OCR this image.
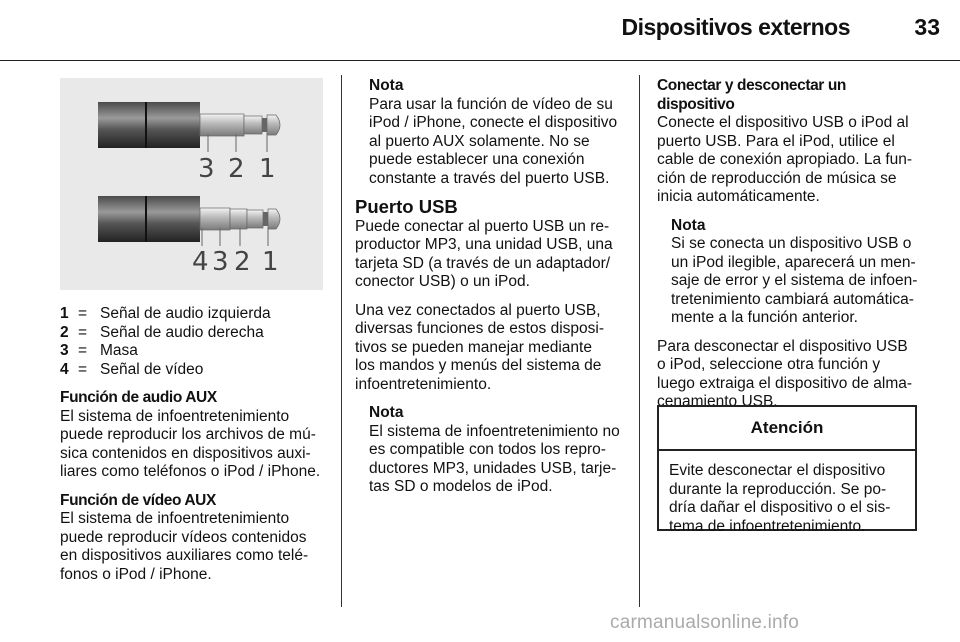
Dispositivos externos	33
3 2 1
4 3 2 1
1 = Señal de audio izquierda
2 = Señal de audio derecha
3 = Masa
4 = Señal de vídeo
Función de audio AUX

El sistema de infoentretenimiento
puede reproducir los archivos de mú-
sica contenidos en dispositivos auxi-
liares como teléfonos o iPod / iPhone.

Función de vídeo AUX

El sistema de infoentretenimiento
puede reproducir vídeos contenidos
en dispositivos auxiliares como telé-
fonos o iPod / iPhone.

Nota
Para usar la función de vídeo de su
iPod / iPhone, conecte el dispositivo
al puerto AUX solamente. No se
puede establecer una conexión
constante a través del puerto USB.
Puerto USB

Puede conectar al puerto USB un re-
productor MP3, una unidad USB, una
tarjeta SD (a través de un adaptador/
conector USB) o un iPod.

Una vez conectados al puerto USB,
diversas funciones de estos disposi-
tivos se pueden manejar mediante
los mandos y menús del sistema de
infoentretenimiento.

Nota
El sistema de infoentretenimiento no
es compatible con todos los repro-
ductores MP3, unidades USB, tarje-
tas SD o modelos de iPod.
Conectar y desconectar un
dispositivo

Conecte el dispositivo USB o iPod al
puerto USB. Para el iPod, utilice el
cable de conexión apropiado. La fun-
ción de reproducción de música se
inicia automáticamente.

Nota
Si se conecta un dispositivo USB o
un iPod ilegible, aparecerá un men-
saje de error y el sistema de infoen-
tretenimiento cambiará automática-
mente a la función anterior.

Para desconectar el dispositivo USB
o iPod, seleccione otra función y
luego extraiga el dispositivo de alma-
cenamiento USB.

Atención
Evite desconectar el dispositivo
durante la reproducción. Se po-
dría dañar el dispositivo o el sis-
tema de infoentretenimiento.
carmanualsonline.info
